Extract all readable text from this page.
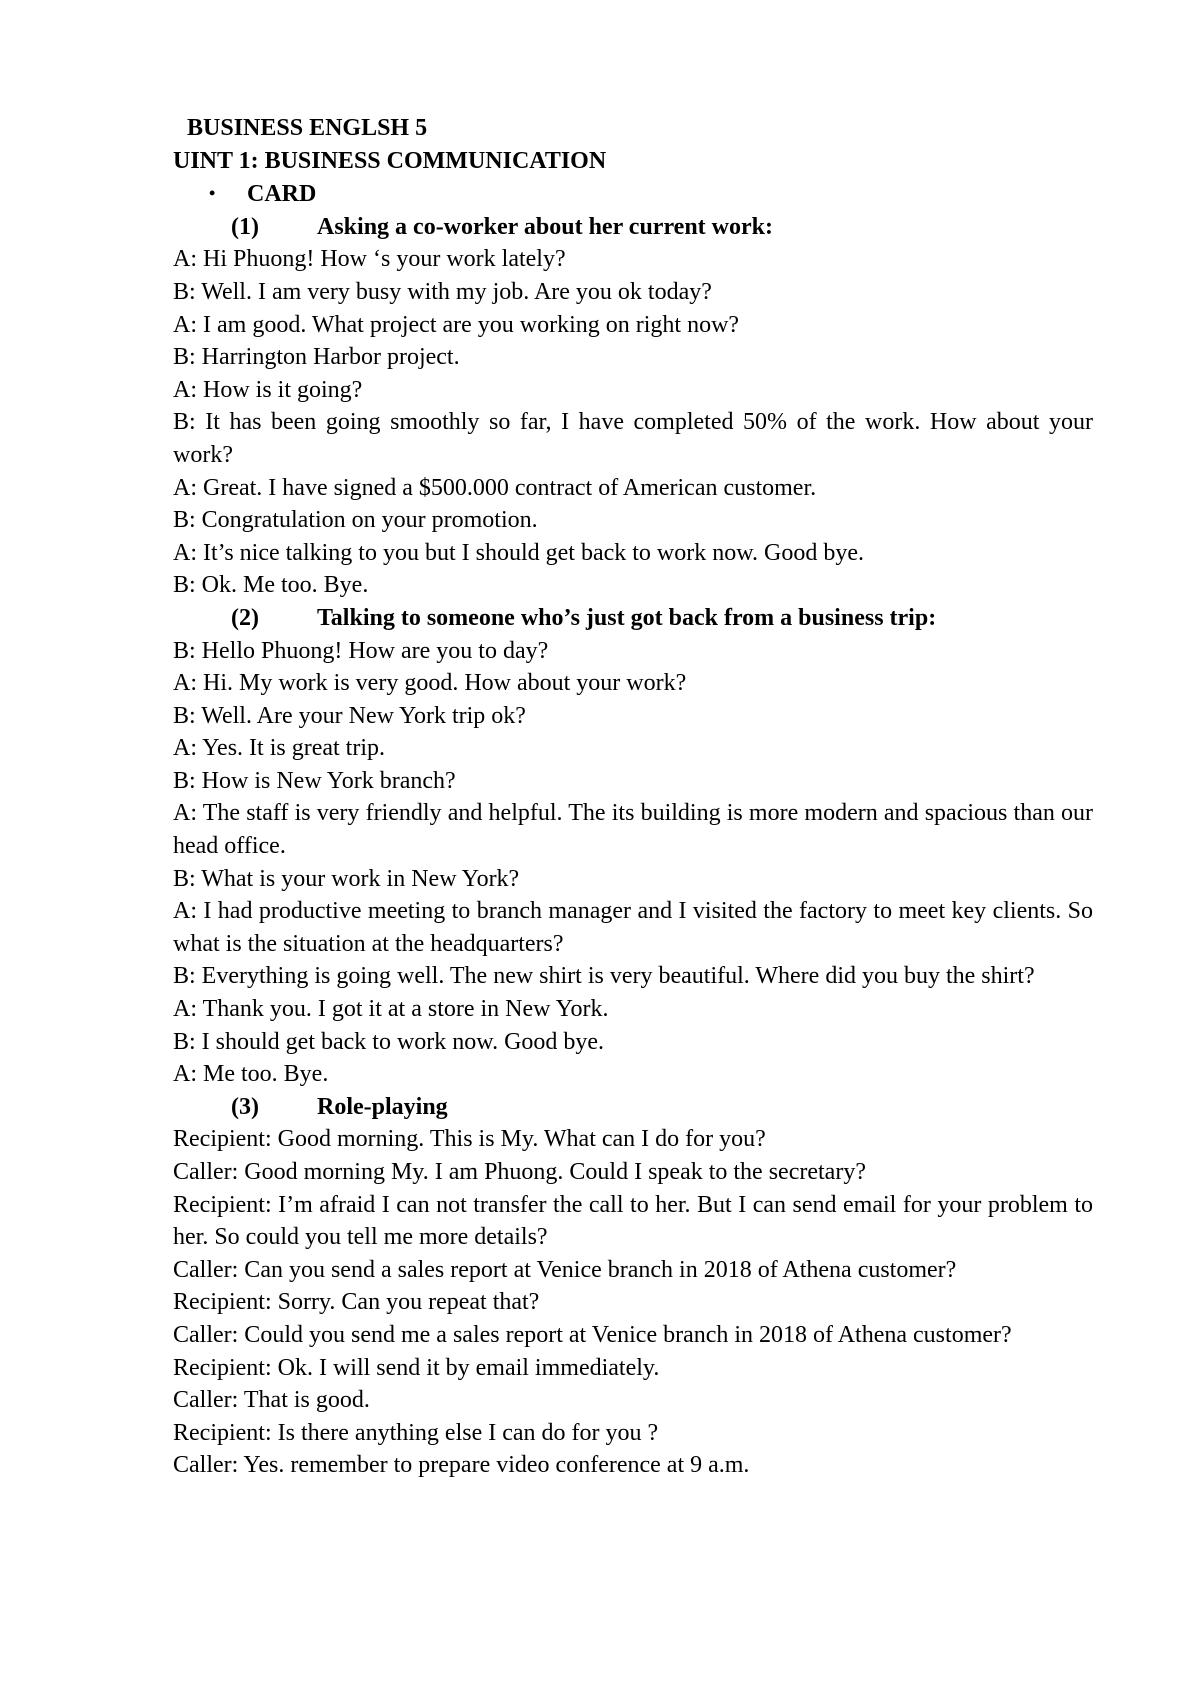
BUSINESS ENGLSH 5
UINT 1: BUSINESS COMMUNICATION
• CARD
(1) Asking a co-worker about her current work:
A: Hi Phuong! How ‘s your work lately?
B: Well. I am very busy with my job. Are you ok today?
A: I am good. What project are you working on right now?
B: Harrington Harbor project.
A: How is it going?
B: It has been going smoothly so far, I have completed 50% of the work. How about your work?
A: Great. I have signed a $500.000 contract of American customer.
B: Congratulation on your promotion.
A: It’s nice talking to you but I should get back to work now. Good bye.
B: Ok. Me too. Bye.
(2) Talking to someone who’s just got back from a business trip:
B: Hello Phuong! How are you to day?
A: Hi. My work is very good. How about your work?
B: Well. Are your New York trip ok?
A: Yes. It is great trip.
B: How is New York branch?
A: The staff is very friendly and helpful. The its building is more modern and spacious than our head office.
B: What is your work in New York?
A: I had productive meeting to branch manager and I visited the factory to meet key clients. So what is the situation at the headquarters?
B: Everything is going well. The new shirt is very beautiful. Where did you buy the shirt?
A: Thank you. I got it at a store in New York.
B: I should get back to work now. Good bye.
A: Me too. Bye.
(3) Role-playing
Recipient: Good morning. This is My. What can I do for you?
Caller: Good morning My. I am Phuong. Could I speak to the secretary?
Recipient: I’m afraid I can not transfer the call to her. But I can send email for your problem to her. So could you tell me more details?
Caller: Can you send a sales report at Venice branch in 2018 of Athena customer?
Recipient: Sorry. Can you repeat that?
Caller: Could you send me a sales report at Venice branch in 2018 of Athena customer?
Recipient: Ok. I will send it by email immediately.
Caller: That is good.
Recipient: Is there anything else I can do for you ?
Caller: Yes. remember to prepare video conference at 9 a.m.
